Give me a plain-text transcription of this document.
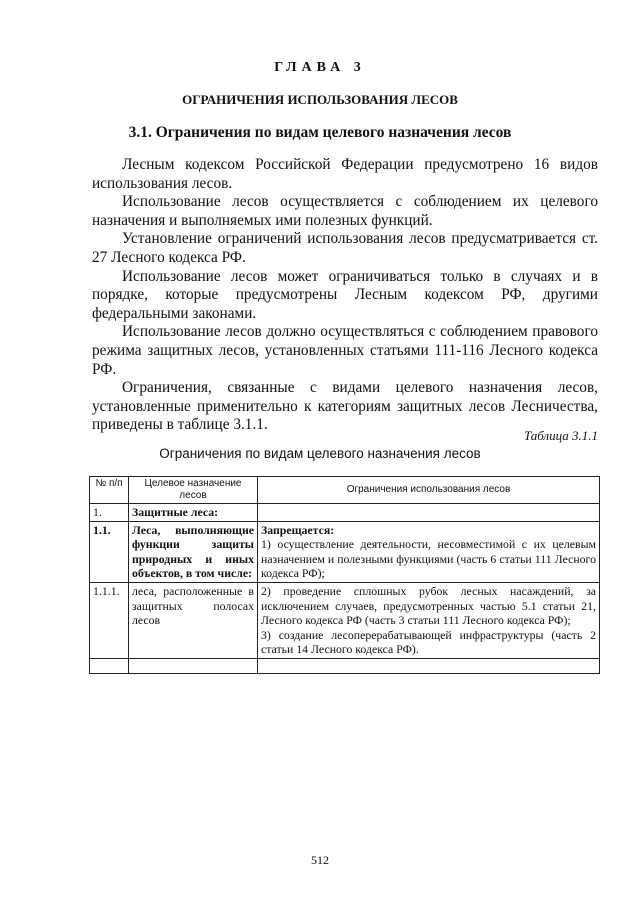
ГЛАВА 3
ОГРАНИЧЕНИЯ ИСПОЛЬЗОВАНИЯ ЛЕСОВ
3.1. Ограничения по видам целевого назначения лесов

Лесным кодексом Российской Федерации предусмотрено 16 видов использования лесов.

Использование лесов осуществляется с соблюдением их целевого назначения и выполняемых ими полезных функций.

Установление ограничений использования лесов предусматривается ст. 27 Лесного кодекса РФ.

Использование лесов может ограничиваться только в случаях и в порядке, которые предусмотрены Лесным кодексом РФ, другими федеральными законами.

Использование лесов должно осуществляться с соблюдением правового режима защитных лесов, установленных статьями 111-116 Лесного кодекса РФ.

Ограничения, связанные с видами целевого назначения лесов, установленные применительно к категориям защитных лесов Лесничества, приведены в таблице 3.1.1.

Таблица 3.1.1
Ограничения по видам целевого назначения лесов
№ п/п	Целевое назначение лесов	Ограничения использования лесов
1.	Защитные леса:	
1.1.	Леса, выполняющие функции защиты природных и иных объектов, в том числе:	Запрещается:
1) осуществление деятельности, несовместимой с их целевым назначением и полезными функциями (часть 6 статьи 111 Лесного кодекса РФ);

1.1.1.	леса, расположенные в защитных полосах лесов	2) проведение сплошных рубок лесных насаждений, за исключением случаев, предусмотренных частью 5.1 статьи 21, Лесного кодекса РФ (часть 3 статьи 111 Лесного кодекса РФ);
3) создание лесоперерабатывающей инфраструктуры (часть 2 статьи 14 Лесного кодекса РФ).

512
